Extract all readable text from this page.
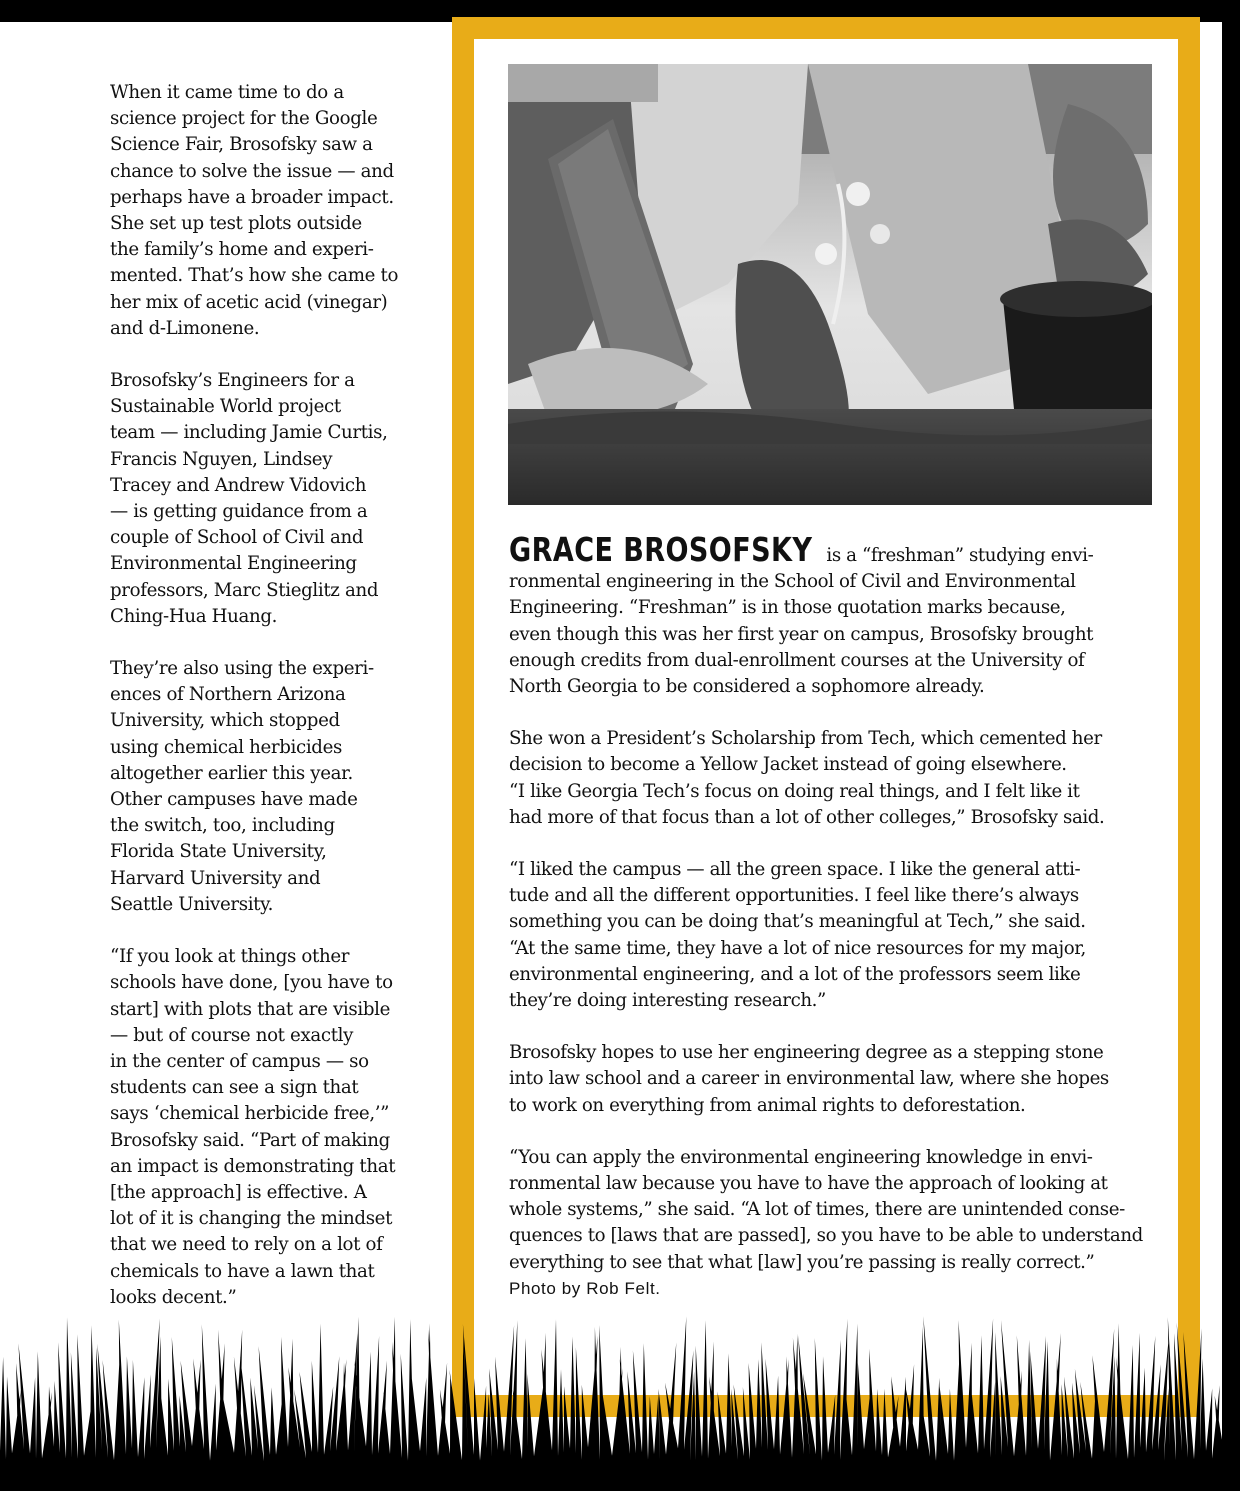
When it came time to do a
science project for the Google
Science Fair, Brosofsky saw a
chance to solve the issue — and
perhaps have a broader impact.
She set up test plots outside
the family’s home and experi-
mented. That’s how she came to
her mix of acetic acid (vinegar)
and d-Limonene.

Brosofsky’s Engineers for a
Sustainable World project
team — including Jamie Curtis,
Francis Nguyen, Lindsey
Tracey and Andrew Vidovich
— is getting guidance from a
couple of School of Civil and
Environmental Engineering
professors, Marc Stieglitz and
Ching-Hua Huang.

They’re also using the experi-
ences of Northern Arizona
University, which stopped
using chemical herbicides
altogether earlier this year.
Other campuses have made
the switch, too, including
Florida State University,
Harvard University and
Seattle University.

“If you look at things other
schools have done, [you have to
start] with plots that are visible
— but of course not exactly
in the center of campus — so
students can see a sign that
says ‘chemical herbicide free,’”
Brosofsky said. “Part of making
an impact is demonstrating that
[the approach] is effective. A
lot of it is changing the mindset
that we need to rely on a lot of
chemicals to have a lawn that
looks decent.”

GRACE BROSOFSKY is a “freshman” studying envi-
ronmental engineering in the School of Civil and Environmental
Engineering. “Freshman” is in those quotation marks because,
even though this was her first year on campus, Brosofsky brought
enough credits from dual-enrollment courses at the University of
North Georgia to be considered a sophomore already.

She won a President’s Scholarship from Tech, which cemented her
decision to become a Yellow Jacket instead of going elsewhere.
“I like Georgia Tech’s focus on doing real things, and I felt like it
had more of that focus than a lot of other colleges,” Brosofsky said.

“I liked the campus — all the green space. I like the general atti-
tude and all the different opportunities. I feel like there’s always
something you can be doing that’s meaningful at Tech,” she said.
“At the same time, they have a lot of nice resources for my major,
environmental engineering, and a lot of the professors seem like
they’re doing interesting research.”

Brosofsky hopes to use her engineering degree as a stepping stone
into law school and a career in environmental law, where she hopes
to work on everything from animal rights to deforestation.

“You can apply the environmental engineering knowledge in envi-
ronmental law because you have to have the approach of looking at
whole systems,” she said. “A lot of times, there are unintended conse-
quences to [laws that are passed], so you have to be able to understand
everything to see that what [law] you’re passing is really correct.”

Photo by Rob Felt.
